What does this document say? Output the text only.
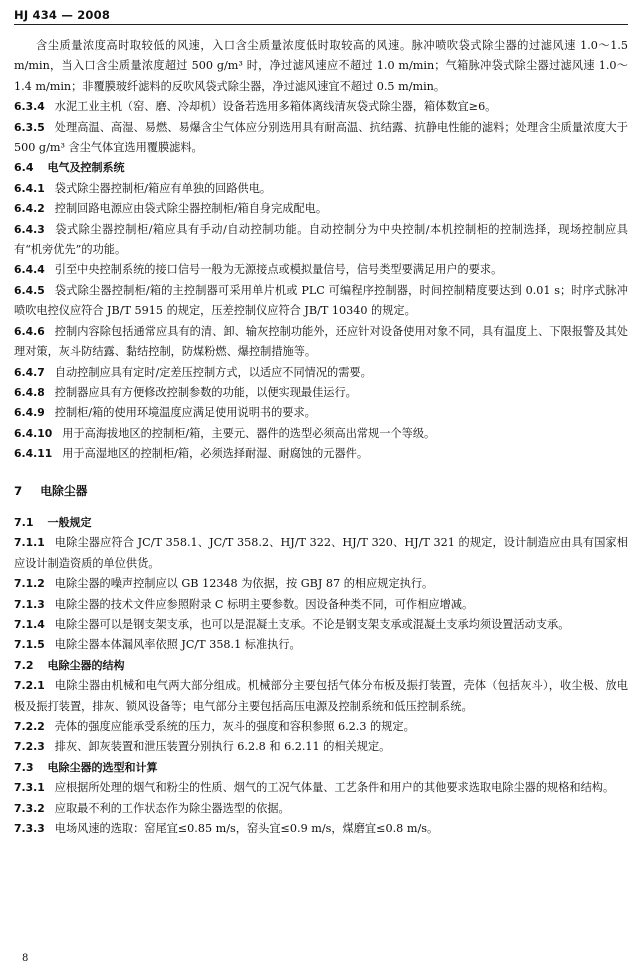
HJ 434 — 2008

含尘质量浓度高时取较低的风速，入口含尘质量浓度低时取较高的风速。脉冲喷吹袋式除尘器的过滤风速 1.0～1.5 m/min，当入口含尘质量浓度超过 500 g/m³ 时，净过滤风速应不超过 1.0 m/min；气箱脉冲袋式除尘器过滤风速 1.0～1.4 m/min；非覆膜玻纤滤料的反吹风袋式除尘器，净过滤风速宜不超过 0.5 m/min。

6.3.4 水泥工业主机（窑、磨、冷却机）设备若选用多箱体离线清灰袋式除尘器，箱体数宜≥6。

6.3.5 处理高温、高湿、易燃、易爆含尘气体应分别选用具有耐高温、抗结露、抗静电性能的滤料；处理含尘质量浓度大于 500 g/m³ 含尘气体宜选用覆膜滤料。

6.4 电气及控制系统

6.4.1 袋式除尘器控制柜/箱应有单独的回路供电。

6.4.2 控制回路电源应由袋式除尘器控制柜/箱自身完成配电。

6.4.3 袋式除尘器控制柜/箱应具有手动/自动控制功能。自动控制分为中央控制/本机控制柜的控制选择，现场控制应具有“机旁优先”的功能。

6.4.4 引至中央控制系统的接口信号一般为无源接点或模拟量信号，信号类型要满足用户的要求。

6.4.5 袋式除尘器控制柜/箱的主控制器可采用单片机或 PLC 可编程序控制器，时间控制精度要达到 0.01 s；时序式脉冲喷吹电控仪应符合 JB/T 5915 的规定，压差控制仪应符合 JB/T 10340 的规定。

6.4.6 控制内容除包括通常应具有的清、卸、输灰控制功能外，还应针对设备使用对象不同，具有温度上、下限报警及其处理对策，灰斗防结露、黏结控制，防煤粉燃、爆控制措施等。

6.4.7 自动控制应具有定时/定差压控制方式，以适应不同情况的需要。

6.4.8 控制器应具有方便修改控制参数的功能，以便实现最佳运行。

6.4.9 控制柜/箱的使用环境温度应满足使用说明书的要求。

6.4.10 用于高海拔地区的控制柜/箱，主要元、器件的选型必须高出常规一个等级。

6.4.11 用于高湿地区的控制柜/箱，必须选择耐湿、耐腐蚀的元器件。

7 电除尘器

7.1 一般规定

7.1.1 电除尘器应符合 JC/T 358.1、JC/T 358.2、HJ/T 322、HJ/T 320、HJ/T 321 的规定，设计制造应由具有国家相应设计制造资质的单位供货。

7.1.2 电除尘器的噪声控制应以 GB 12348 为依据，按 GBJ 87 的相应规定执行。

7.1.3 电除尘器的技术文件应参照附录 C 标明主要参数。因设备种类不同，可作相应增减。

7.1.4 电除尘器可以是钢支架支承，也可以是混凝土支承。不论是钢支架支承或混凝土支承均须设置活动支承。

7.1.5 电除尘器本体漏风率依照 JC/T 358.1 标准执行。

7.2 电除尘器的结构

7.2.1 电除尘器由机械和电气两大部分组成。机械部分主要包括气体分布板及振打装置，壳体（包括灰斗），收尘极、放电极及振打装置，排灰、锁风设备等；电气部分主要包括高压电源及控制系统和低压控制系统。

7.2.2 壳体的强度应能承受系统的压力，灰斗的强度和容积参照 6.2.3 的规定。

7.2.3 排灰、卸灰装置和泄压装置分别执行 6.2.8 和 6.2.11 的相关规定。

7.3 电除尘器的选型和计算

7.3.1 应根据所处理的烟气和粉尘的性质、烟气的工况气体量、工艺条件和用户的其他要求选取电除尘器的规格和结构。

7.3.2 应取最不利的工作状态作为除尘器选型的依据。

7.3.3 电场风速的选取：窑尾宜≤0.85 m/s，窑头宜≤0.9 m/s，煤磨宜≤0.8 m/s。

8
